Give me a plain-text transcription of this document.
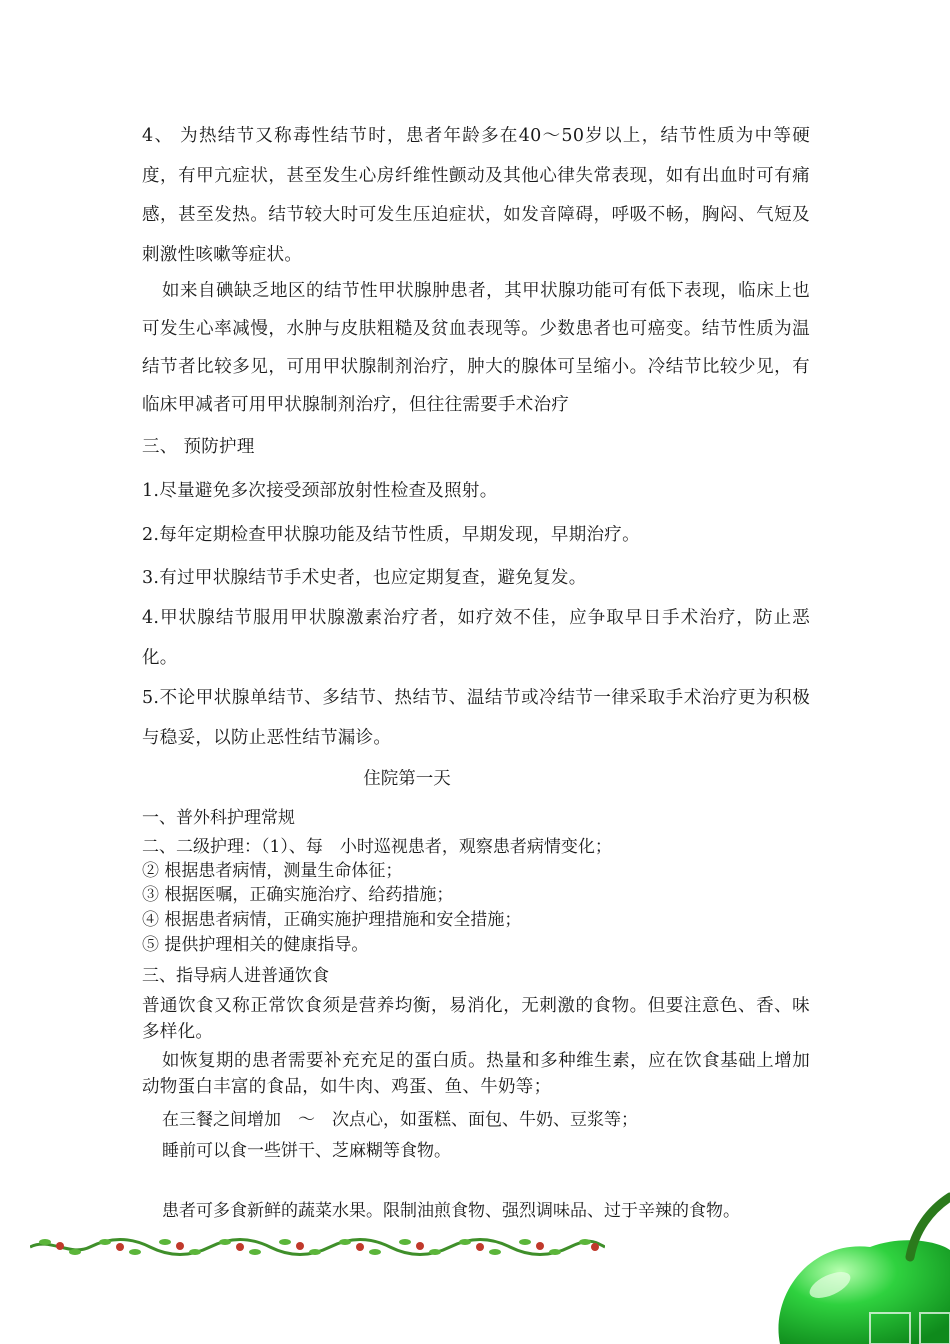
4、 为热结节又称毒性结节时，患者年龄多在40～50岁以上，结节性质为中等硬度，有甲亢症状，甚至发生心房纤维性颤动及其他心律失常表现，如有出血时可有痛感，甚至发热。结节较大时可发生压迫症状，如发音障碍，呼吸不畅，胸闷、气短及刺激性咳嗽等症状。

如来自碘缺乏地区的结节性甲状腺肿患者，其甲状腺功能可有低下表现，临床上也可发生心率减慢，水肿与皮肤粗糙及贫血表现等。少数患者也可癌变。结节性质为温结节者比较多见，可用甲状腺制剂治疗，肿大的腺体可呈缩小。冷结节比较少见，有临床甲减者可用甲状腺制剂治疗，但往往需要手术治疗

三、 预防护理

1.尽量避免多次接受颈部放射性检查及照射。

2.每年定期检查甲状腺功能及结节性质，早期发现，早期治疗。

3.有过甲状腺结节手术史者，也应定期复查，避免复发。

4.甲状腺结节服用甲状腺激素治疗者，如疗效不佳，应争取早日手术治疗，防止恶化。

5.不论甲状腺单结节、多结节、热结节、温结节或冷结节一律采取手术治疗更为积极与稳妥，以防止恶性结节漏诊。

住院第一天
一、普外科护理常规
二、二级护理：（1）、每　小时巡视患者，观察患者病情变化；
② 根据患者病情，测量生命体征；
③ 根据医嘱，正确实施治疗、给药措施；
④ 根据患者病情，正确实施护理措施和安全措施；
⑤ 提供护理相关的健康指导。
三、指导病人进普通饮食

普通饮食又称正常饮食须是营养均衡，易消化，无刺激的食物。但要注意色、香、味多样化。

如恢复期的患者需要补充充足的蛋白质。热量和多种维生素，应在饮食基础上增加动物蛋白丰富的食品，如牛肉、鸡蛋、鱼、牛奶等；

在三餐之间增加　～　次点心，如蛋糕、面包、牛奶、豆浆等；
睡前可以食一些饼干、芝麻糊等食物。
患者可多食新鲜的蔬菜水果。限制油煎食物、强烈调味品、过于辛辣的食物。
